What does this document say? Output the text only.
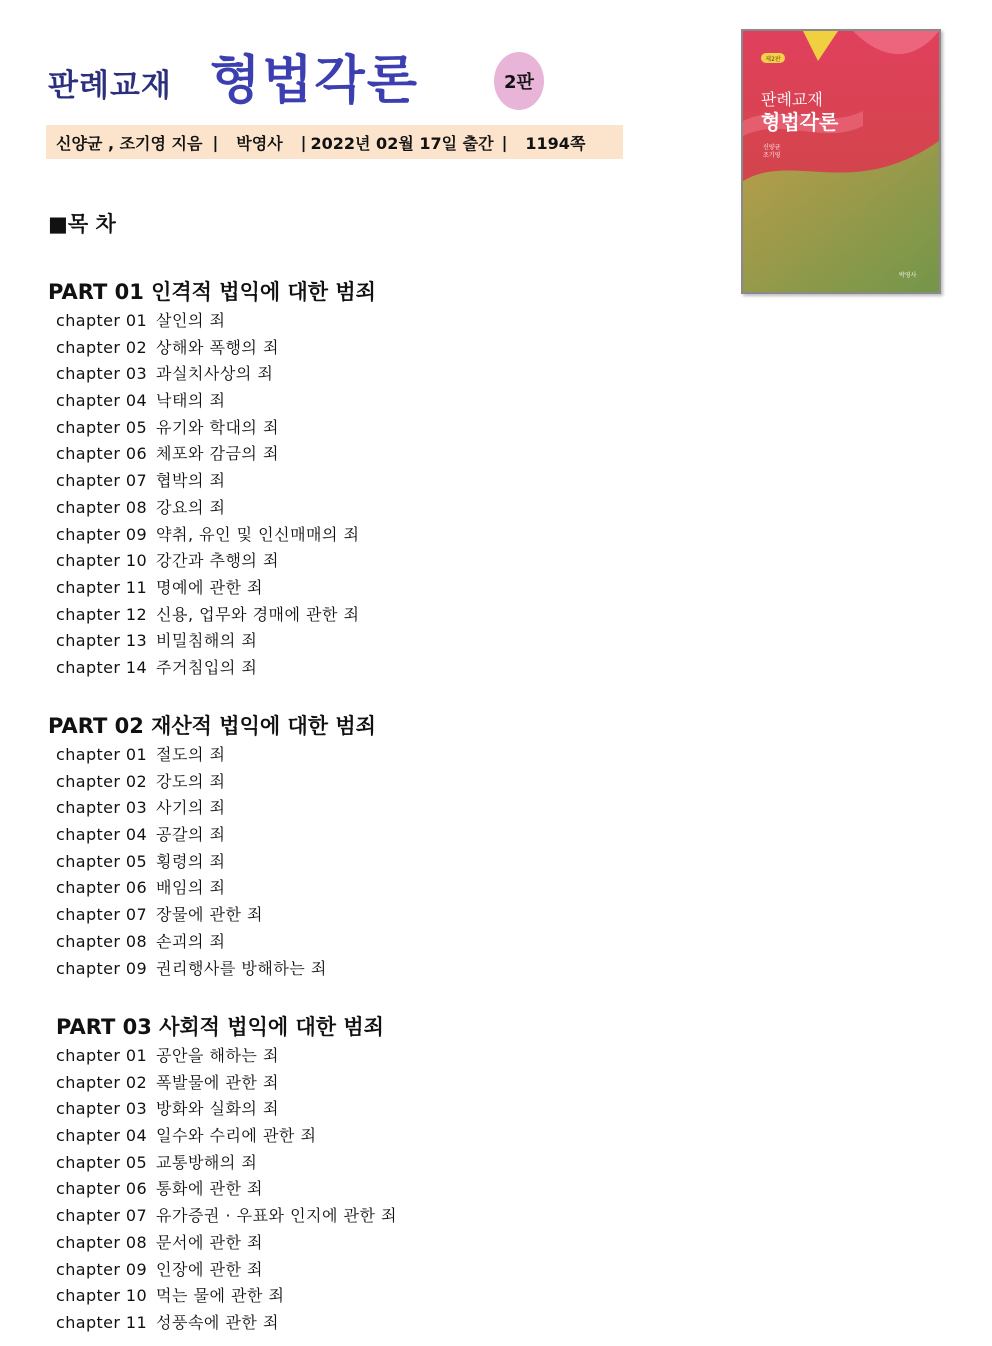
판례교재 형법각론	2판
신양균 , 조기영 지음 | 박영사 | 2022년 02월 17일 출간 | 1194쪽
제2판
판례교재
형법각론
신양균
조기영
박영사
■목 차
PART 01 인격적 법익에 대한 범죄
chapter 01 살인의 죄
chapter 02 상해와 폭행의 죄
chapter 03 과실치사상의 죄
chapter 04 낙태의 죄
chapter 05 유기와 학대의 죄
chapter 06 체포와 감금의 죄
chapter 07 협박의 죄
chapter 08 강요의 죄
chapter 09 약취, 유인 및 인신매매의 죄
chapter 10 강간과 추행의 죄
chapter 11 명예에 관한 죄
chapter 12 신용, 업무와 경매에 관한 죄
chapter 13 비밀침해의 죄
chapter 14 주거침입의 죄
PART 02 재산적 법익에 대한 범죄
chapter 01 절도의 죄
chapter 02 강도의 죄
chapter 03 사기의 죄
chapter 04 공갈의 죄
chapter 05 횡령의 죄
chapter 06 배임의 죄
chapter 07 장물에 관한 죄
chapter 08 손괴의 죄
chapter 09 권리행사를 방해하는 죄
PART 03 사회적 법익에 대한 범죄
chapter 01 공안을 해하는 죄
chapter 02 폭발물에 관한 죄
chapter 03 방화와 실화의 죄
chapter 04 일수와 수리에 관한 죄
chapter 05 교통방해의 죄
chapter 06 통화에 관한 죄
chapter 07 유가증권 · 우표와 인지에 관한 죄
chapter 08 문서에 관한 죄
chapter 09 인장에 관한 죄
chapter 10 먹는 물에 관한 죄
chapter 11 성풍속에 관한 죄
